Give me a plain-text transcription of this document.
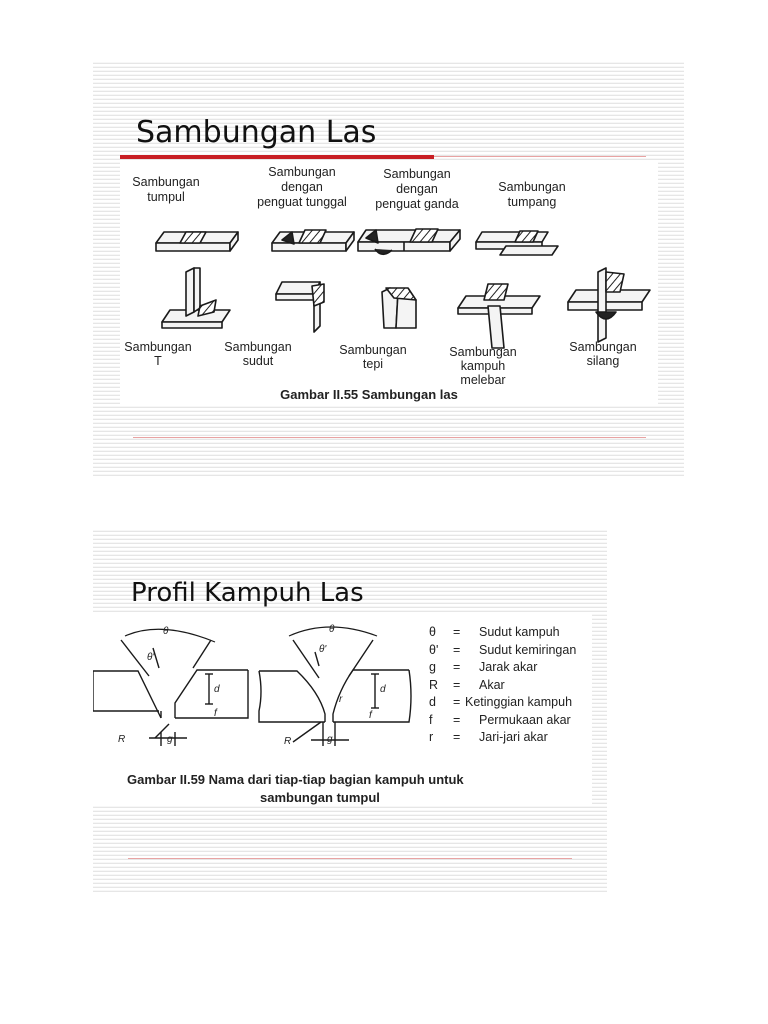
Sambungan Las
Sambungan
tumpul
Sambungan
dengan
penguat tunggal
Sambungan
dengan
penguat ganda
Sambungan
tumpang
Sambungan
T
Sambungan
sudut
Sambungan
tepi
Sambungan
kampuh
melebar
Sambungan
silang
Gambar II.55 Sambungan las
Profil Kampuh Las
θ
θ'
d
f
R	g
θ
θ'
d
f
r
R	g
θ = Sudut kampuh
θ' = Sudut kemiringan
g = Jarak akar
R = Akar
d = Ketinggian kampuh
f = Permukaan akar
r = Jari-jari akar
Gambar II.59 Nama dari tiap-tiap bagian kampuh untuk
sambungan tumpul
